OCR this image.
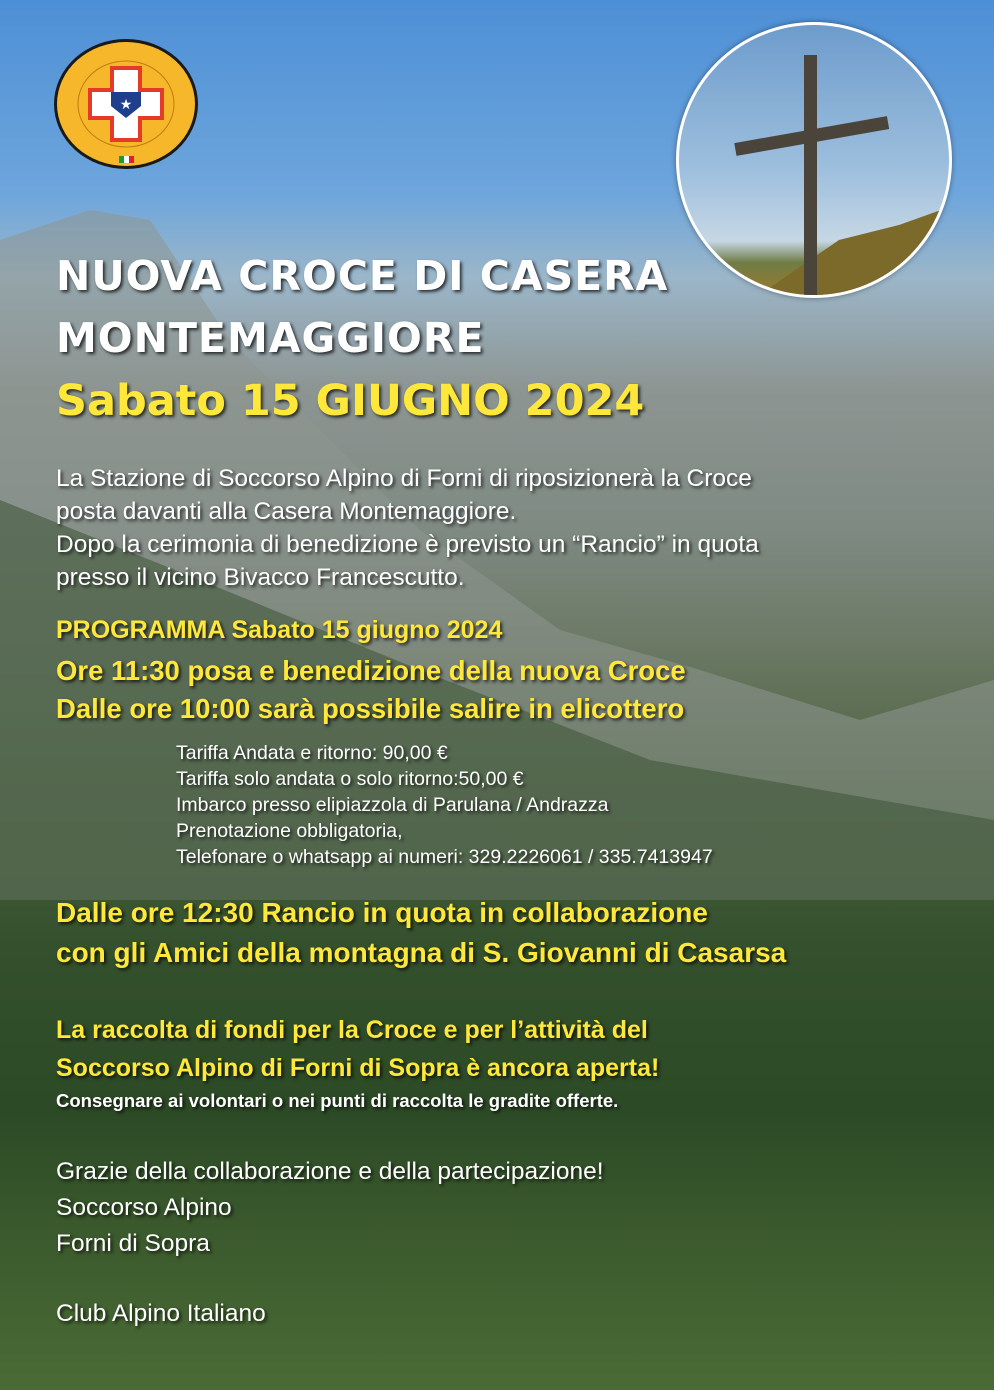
★
NUOVA CROCE DI CASERA
MONTEMAGGIORE
Sabato 15 GIUGNO 2024
La Stazione di Soccorso Alpino di Forni di riposizionerà la Croce
posta davanti alla Casera Montemaggiore.
Dopo la cerimonia di benedizione è previsto un “Rancio” in quota
presso il vicino Bivacco Francescutto.
PROGRAMMA Sabato 15 giugno 2024
Ore 11:30 posa e benedizione della nuova Croce
Dalle ore 10:00 sarà possibile salire in elicottero
Tariffa Andata e ritorno: 90,00 €
Tariffa solo andata o solo ritorno:50,00 €
Imbarco presso elipiazzola di Parulana / Andrazza
Prenotazione obbligatoria,
Telefonare o whatsapp ai numeri: 329.2226061 / 335.7413947
Dalle ore 12:30 Rancio in quota in collaborazione
con gli Amici della montagna di S. Giovanni di Casarsa
La raccolta di fondi per la Croce e per l’attività del
Soccorso Alpino di Forni di Sopra è ancora aperta!
Consegnare ai volontari o nei punti di raccolta le gradite offerte.
Grazie della collaborazione e della partecipazione!
Soccorso Alpino
Forni di Sopra
Club Alpino Italiano
